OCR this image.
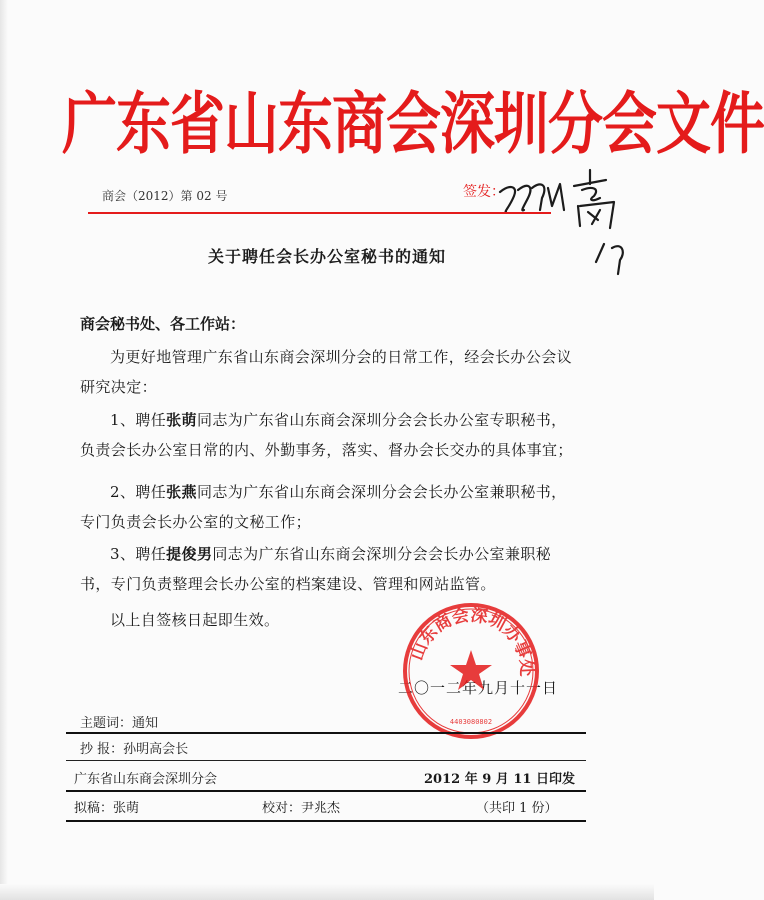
广东省山东商会深圳分会文件
商会（2012）第 02 号	签发：
关于聘任会长办公室秘书的通知
商会秘书处、各工作站：
为更好地管理广东省山东商会深圳分会的日常工作，经会长办公会议研究决定：
1、聘任张萌同志为广东省山东商会深圳分会会长办公室专职秘书，负责会长办公室日常的内、外勤事务，落实、督办会长交办的具体事宜；
2、聘任张燕同志为广东省山东商会深圳分会会长办公室兼职秘书，专门负责会长办公室的文秘工作；
3、聘任提俊男同志为广东省山东商会深圳分会会长办公室兼职秘书，专门负责整理会长办公室的档案建设、管理和网站监管。
以上自签核日起即生效。
二〇一二年九月十一日
山东商会深圳办事处
4403080802
主题词：通知
抄 报：孙明高会长
广东省山东商会深圳分会	2012 年 9 月 11 日印发
拟稿：张萌	校对：尹兆杰	（共印 1 份）
